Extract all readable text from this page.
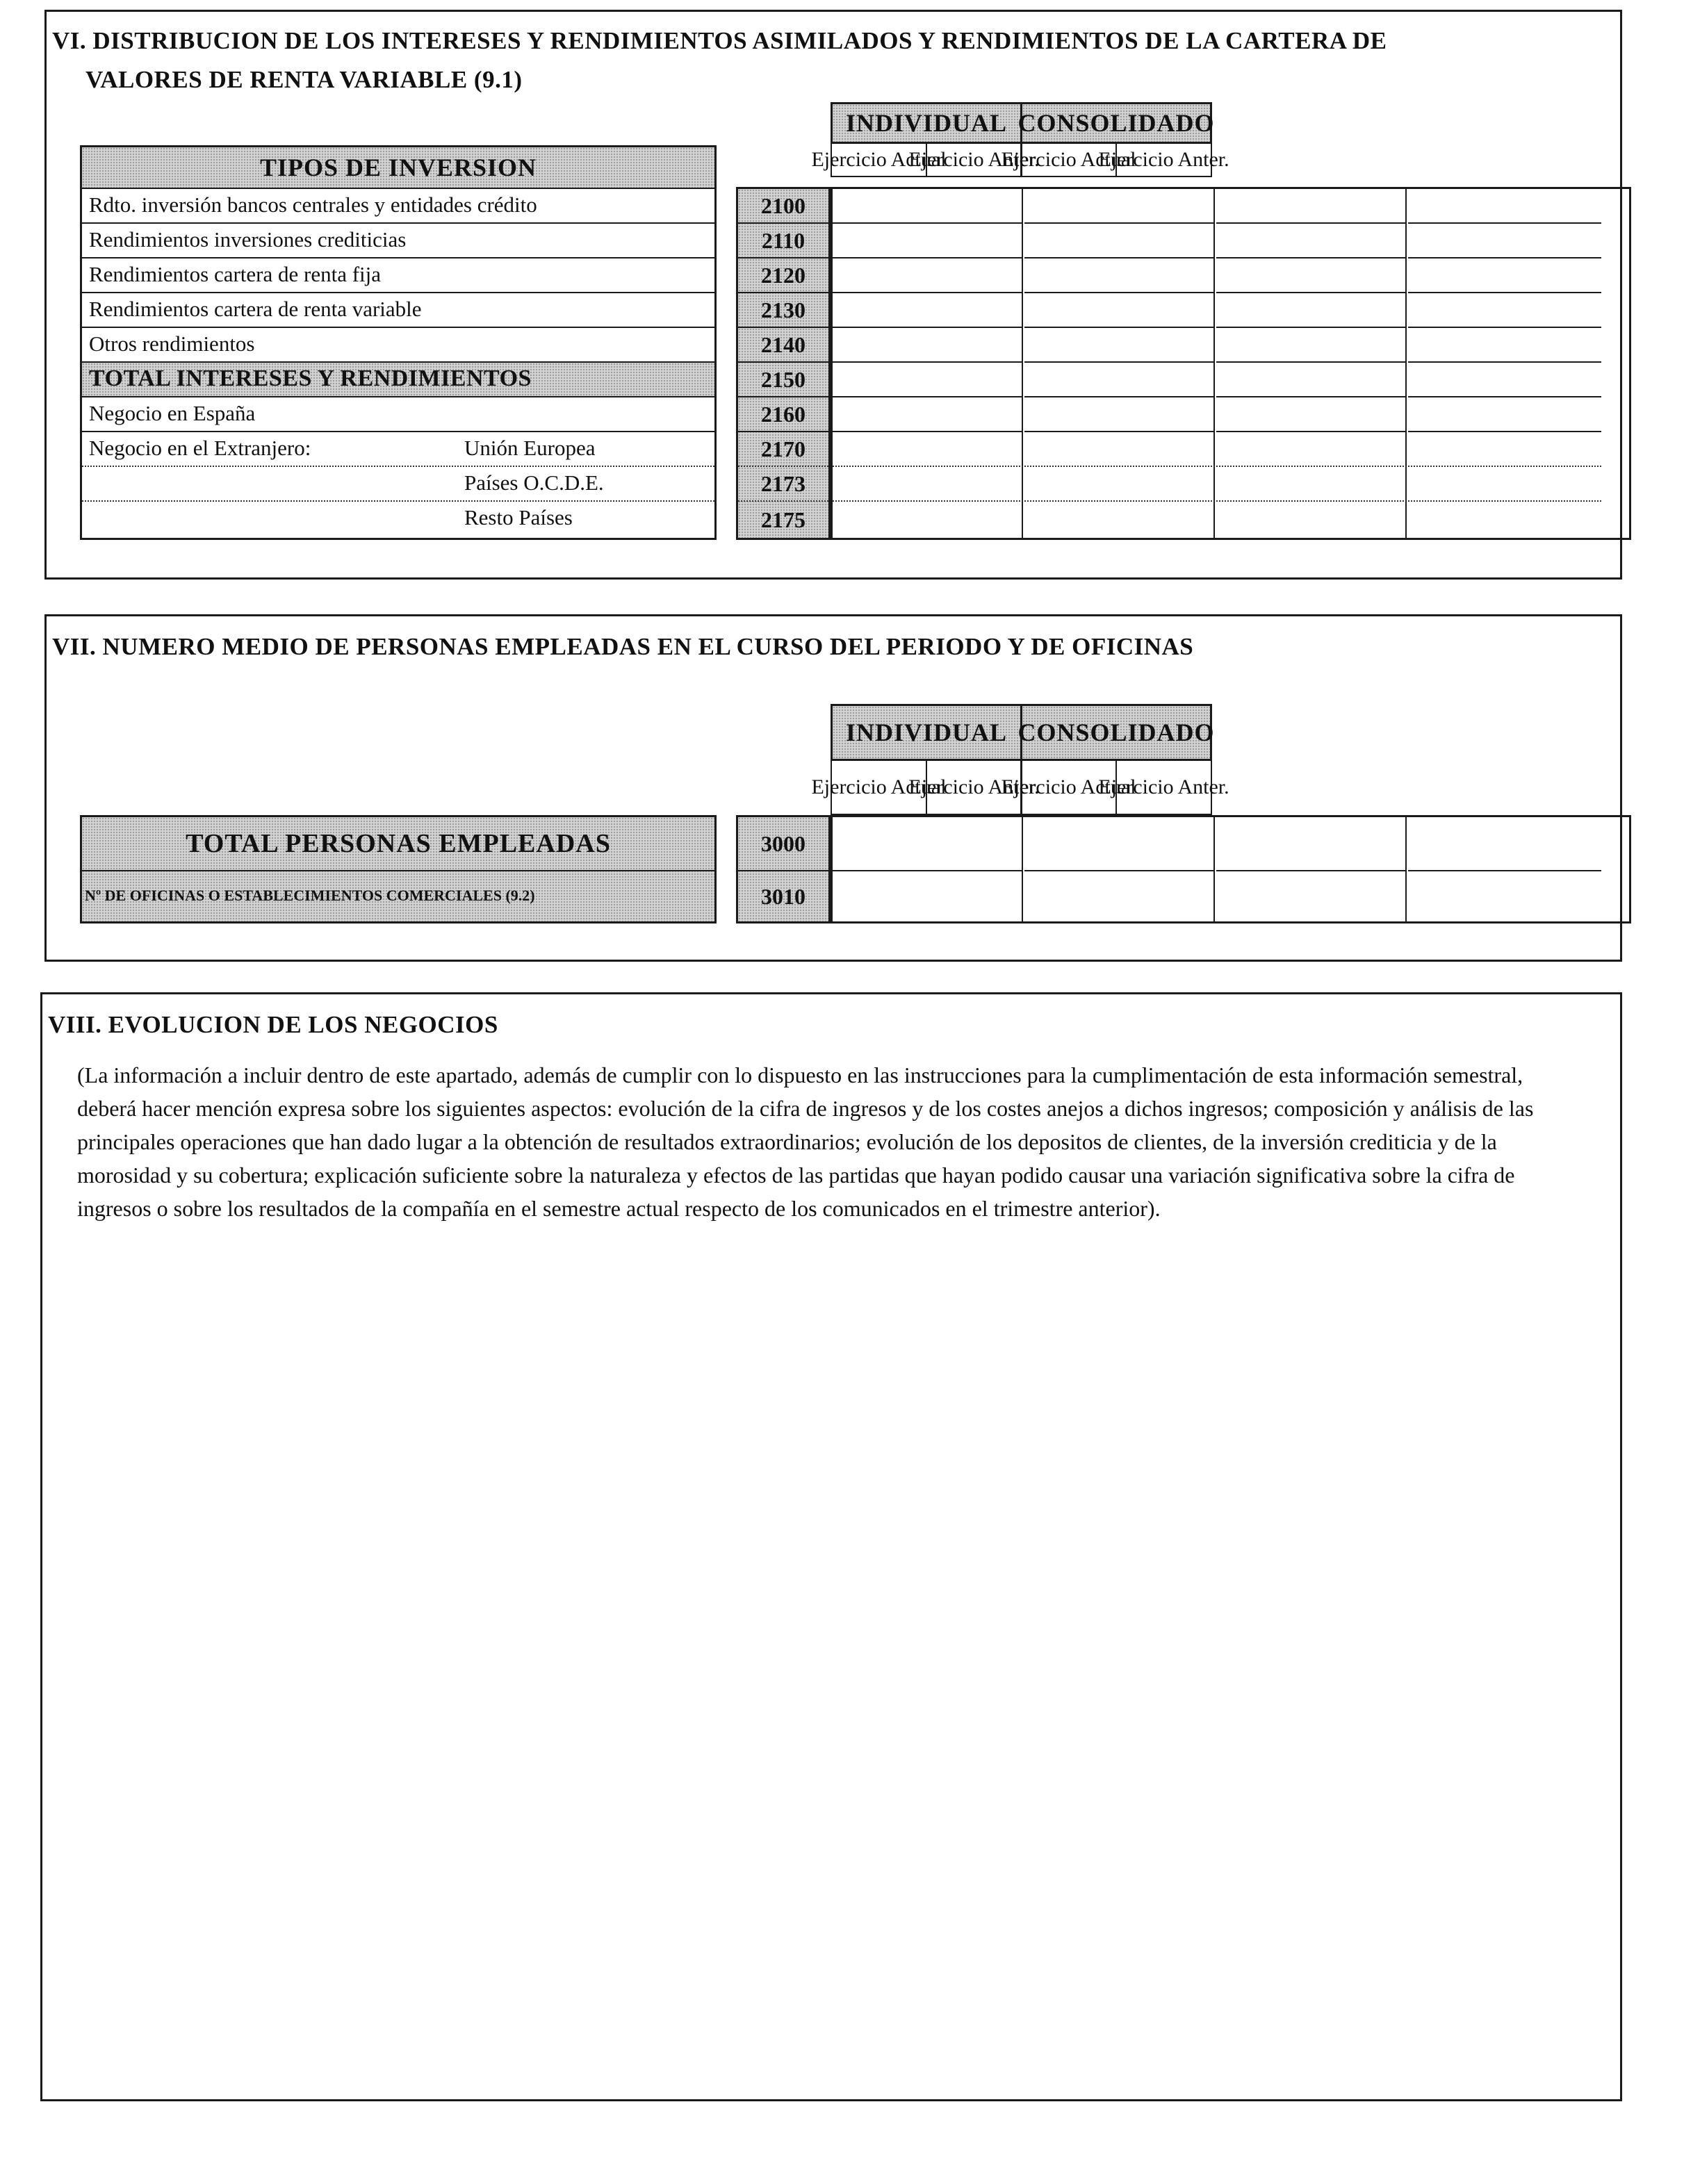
VI. DISTRIBUCION DE LOS INTERESES Y RENDIMIENTOS ASIMILADOS Y RENDIMIENTOS DE LA CARTERA DE
VALORES DE RENTA VARIABLE (9.1)
INDIVIDUAL CONSOLIDADO
Ejercicio Actual
Ejercicio Anter.
Ejercicio Actual
Ejercicio Anter.
TIPOS DE INVERSION
Rdto. inversión bancos centrales y entidades crédito
Rendimientos inversiones crediticias
Rendimientos cartera de renta fija
Rendimientos cartera de renta variable
Otros rendimientos
TOTAL INTERESES Y RENDIMIENTOS
Negocio en España
Negocio en el Extranjero:	Unión Europea
Países O.C.D.E.
Resto Países
2100
2110
2120
2130
2140
2150
2160
2170
2173
2175
VII. NUMERO MEDIO DE PERSONAS EMPLEADAS EN EL CURSO DEL PERIODO Y DE OFICINAS
INDIVIDUAL CONSOLIDADO
Ejercicio Actual
Ejercicio Anter.
Ejercicio Actual
Ejercicio Anter.
TOTAL PERSONAS EMPLEADAS
Nº DE OFICINAS O ESTABLECIMIENTOS COMERCIALES (9.2)
3000
3010
VIII. EVOLUCION DE LOS NEGOCIOS
(La información a incluir dentro de este apartado, además de cumplir con lo dispuesto en las instrucciones para la cumplimentación de esta información semestral, deberá hacer mención expresa sobre los siguientes aspectos: evolución de la cifra de ingresos y de los costes anejos a dichos ingresos; composición y análisis de las principales operaciones que han dado lugar a la obtención de resultados extraordinarios; evolución de los depositos de clientes, de la inversión crediticia y de la morosidad y su cobertura; explicación suficiente sobre la naturaleza y efectos de las partidas que hayan podido causar una variación significativa sobre la cifra de ingresos o sobre los resultados de la compañía en el semestre actual respecto de los comunicados en el trimestre anterior).
